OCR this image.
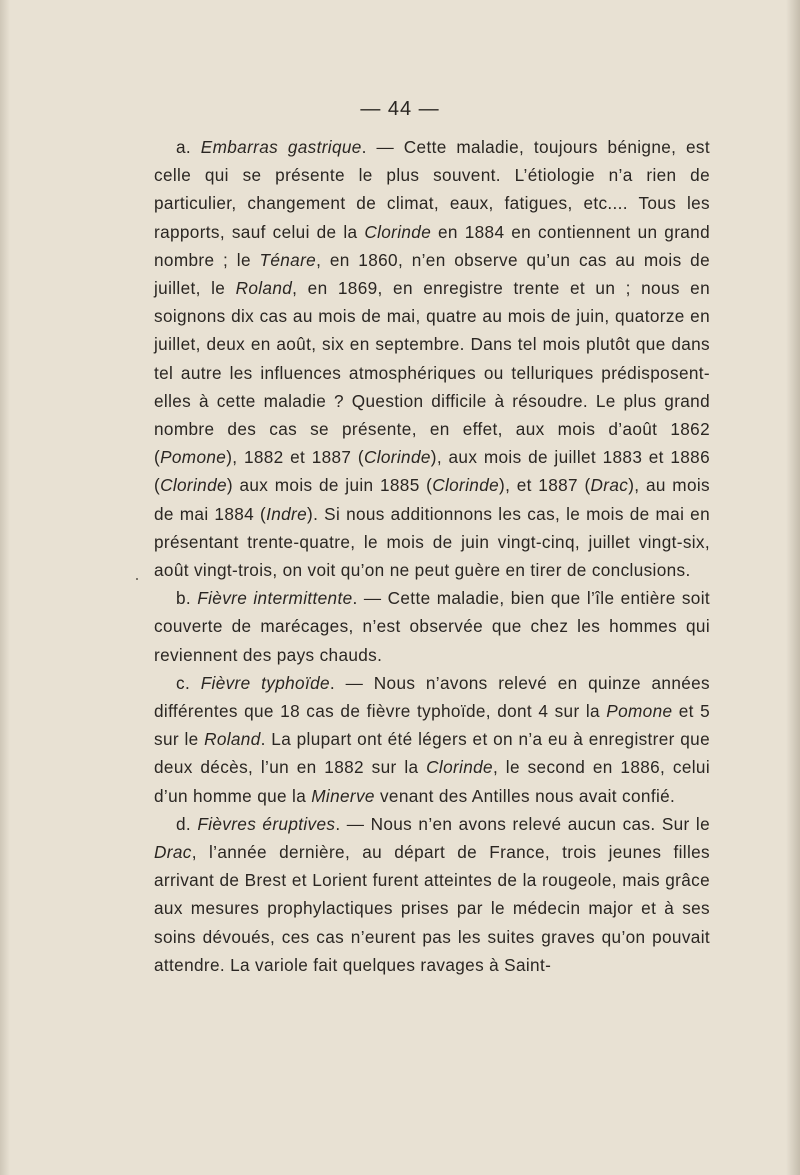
— 44 —

a. Embarras gastrique. — Cette maladie, toujours bénigne, est celle qui se présente le plus souvent. L’étiologie n’a rien de particulier, changement de climat, eaux, fatigues, etc.... Tous les rapports, sauf celui de la Clorinde en 1884 en contiennent un grand nombre ; le Ténare, en 1860, n’en observe qu’un cas au mois de juillet, le Roland, en 1869, en enregistre trente et un ; nous en soignons dix cas au mois de mai, quatre au mois de juin, quatorze en juillet, deux en août, six en septembre. Dans tel mois plutôt que dans tel autre les influences atmosphériques ou telluriques prédisposent-elles à cette maladie ? Question difficile à résoudre. Le plus grand nombre des cas se présente, en effet, aux mois d’août 1862 (Pomone), 1882 et 1887 (Clorinde), aux mois de juillet 1883 et 1886 (Clorinde) aux mois de juin 1885 (Clorinde), et 1887 (Drac), au mois de mai 1884 (Indre). Si nous additionnons les cas, le mois de mai en présentant trente-quatre, le mois de juin vingt-cinq, juillet vingt-six, août vingt-trois, on voit qu’on ne peut guère en tirer de conclusions.

b. Fièvre intermittente. — Cette maladie, bien que l’île entière soit couverte de marécages, n’est observée que chez les hommes qui reviennent des pays chauds.

c. Fièvre typhoïde. — Nous n’avons relevé en quinze années différentes que 18 cas de fièvre typhoïde, dont 4 sur la Pomone et 5 sur le Roland. La plupart ont été légers et on n’a eu à enregistrer que deux décès, l’un en 1882 sur la Clorinde, le second en 1886, celui d’un homme que la Minerve venant des Antilles nous avait confié.

d. Fièvres éruptives. — Nous n’en avons relevé aucun cas. Sur le Drac, l’année dernière, au départ de France, trois jeunes filles arrivant de Brest et Lorient furent atteintes de la rougeole, mais grâce aux mesures prophylactiques prises par le médecin major et à ses soins dévoués, ces cas n’eurent pas les suites graves qu’on pouvait attendre. La variole fait quelques ravages à Saint-
